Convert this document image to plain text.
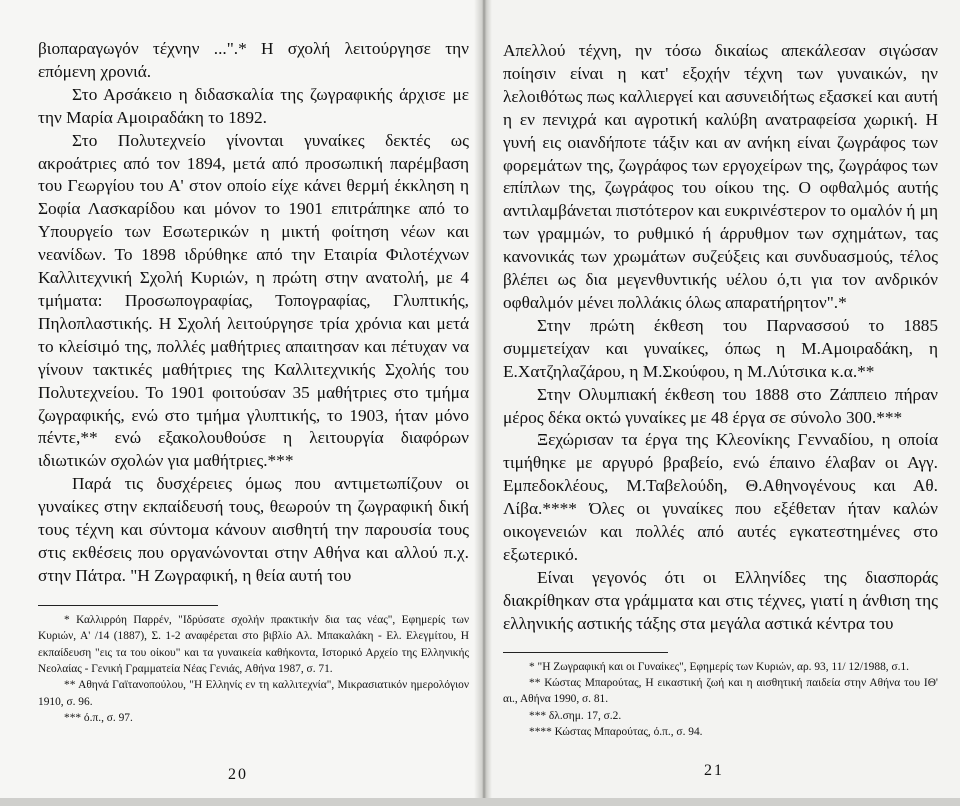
βιοπαραγωγόν τέχνην ...".* Η σχολή λειτούργησε την επόμενη χρονιά.

Στο Αρσάκειο η διδασκαλία της ζωγραφικής άρχισε με την Μαρία Αμοιραδάκη το 1892.

Στο Πολυτεχνείο γίνονται γυναίκες δεκτές ως ακροάτριες από τον 1894, μετά από προσωπική παρέμβαση του Γεωργίου του Α' στον οποίο είχε κάνει θερμή έκκληση η Σοφία Λασκαρίδου και μόνον το 1901 επιτράπηκε από το Υπουργείο των Εσωτερικών η μικτή φοίτηση νέων και νεανίδων. Το 1898 ιδρύθηκε από την Εταιρία Φιλοτέχνων Καλλιτεχνική Σχολή Κυριών, η πρώτη στην ανατολή, με 4 τμήματα: Προσωπογραφίας, Τοπογραφίας, Γλυπτικής, Πηλοπλαστικής. Η Σχολή λειτούργησε τρία χρόνια και μετά το κλείσιμό της, πολλές μαθήτριες απαιτησαν και πέτυχαν να γίνουν τακτικές μαθήτριες της Καλλιτεχνικής Σχολής του Πολυτεχνείου. Το 1901 φοιτούσαν 35 μαθήτριες στο τμήμα ζωγραφικής, ενώ στο τμήμα γλυπτικής, το 1903, ήταν μόνο πέντε,** ενώ εξακολουθούσε η λειτουργία διαφόρων ιδιωτικών σχολών για μαθήτριες.***

Παρά τις δυσχέρειες όμως που αντιμετωπίζουν οι γυναίκες στην εκπαίδευσή τους, θεωρούν τη ζωγραφική δική τους τέχνη και σύντομα κάνουν αισθητή την παρουσία τους στις εκθέσεις που οργανώνονται στην Αθήνα και αλλού π.χ. στην Πάτρα. "Η Ζωγραφική, η θεία αυτή του

* Καλλιρρόη Παρρέν, "Ιδρύσατε σχολήν πρακτικήν δια τας νέας", Εφημερίς των Κυριών, Α' /14 (1887), Σ. 1-2 αναφέρεται στο βιβλίο Αλ. Μπακαλάκη - Ελ. Ελεγμίτου, Η εκπαίδευση "εις τα του οίκου" και τα γυναικεία καθήκοντα, Ιστορικό Αρχείο της Ελληνικής Νεολαίας - Γενική Γραμματεία Νέας Γενιάς, Αθήνα 1987, σ. 71.

** Αθηνά Γαϊτανοπούλου, "Η Ελληνίς εν τη καλλιτεχνία", Μικρασιατικόν ημερολόγιον 1910, σ. 96.

*** ό.π., σ. 97.

20

Απελλού τέχνη, ην τόσω δικαίως απεκάλεσαν σιγώσαν ποίησιν είναι η κατ' εξοχήν τέχνη των γυναικών, ην λελοιθότως πως καλλιεργεί και ασυνειδήτως εξασκεί και αυτή η εν πενιχρά και αγροτική καλύβη ανατραφείσα χωρική. Η γυνή εις οιανδήποτε τάξιν και αν ανήκη είναι ζωγράφος των φορεμάτων της, ζωγράφος των εργοχείρων της, ζωγράφος των επίπλων της, ζωγράφος του οίκου της. Ο οφθαλμός αυτής αντιλαμβάνεται πιστότερον και ευκρινέστερον το ομαλόν ή μη των γραμμών, το ρυθμικό ή άρρυθμον των σχημάτων, τας κανονικάς των χρωμάτων συζεύξεις και συνδυασμούς, τέλος βλέπει ως δια μεγενθυντικής υέλου ό,τι για τον ανδρικόν οφθαλμόν μένει πολλάκις όλως απαρατήρητον".*

Στην πρώτη έκθεση του Παρνασσού το 1885 συμμετείχαν και γυναίκες, όπως η Μ.Αμοιραδάκη, η Ε.Χατζηλαζάρου, η Μ.Σκούφου, η Μ.Λύτσικα κ.α.**

Στην Ολυμπιακή έκθεση του 1888 στο Ζάππειο πήραν μέρος δέκα οκτώ γυναίκες με 48 έργα σε σύνολο 300.***

Ξεχώρισαν τα έργα της Κλεονίκης Γενναδίου, η οποία τιμήθηκε με αργυρό βραβείο, ενώ έπαινο έλαβαν οι Αγγ. Εμπεδοκλέους, Μ.Ταβελούδη, Θ.Αθηνογένους και Αθ. Λίβα.**** Όλες οι γυναίκες που εξέθεταν ήταν καλών οικογενειών και πολλές από αυτές εγκατεστημένες στο εξωτερικό.

Είναι γεγονός ότι οι Ελληνίδες της διασποράς διακρίθηκαν στα γράμματα και στις τέχνες, γιατί η άνθιση της ελληνικής αστικής τάξης στα μεγάλα αστικά κέντρα του

* "Η Ζωγραφική και οι Γυναίκες", Εφημερίς των Κυριών, αρ. 93, 11/ 12/1988, σ.1.

** Κώστας Μπαρούτας, Η εικαστική ζωή και η αισθητική παιδεία στην Αθήνα του ΙΘ' αι., Αθήνα 1990, σ. 81.

*** δλ.σημ. 17, σ.2.

**** Κώστας Μπαρούτας, ό.π., σ. 94.

21
